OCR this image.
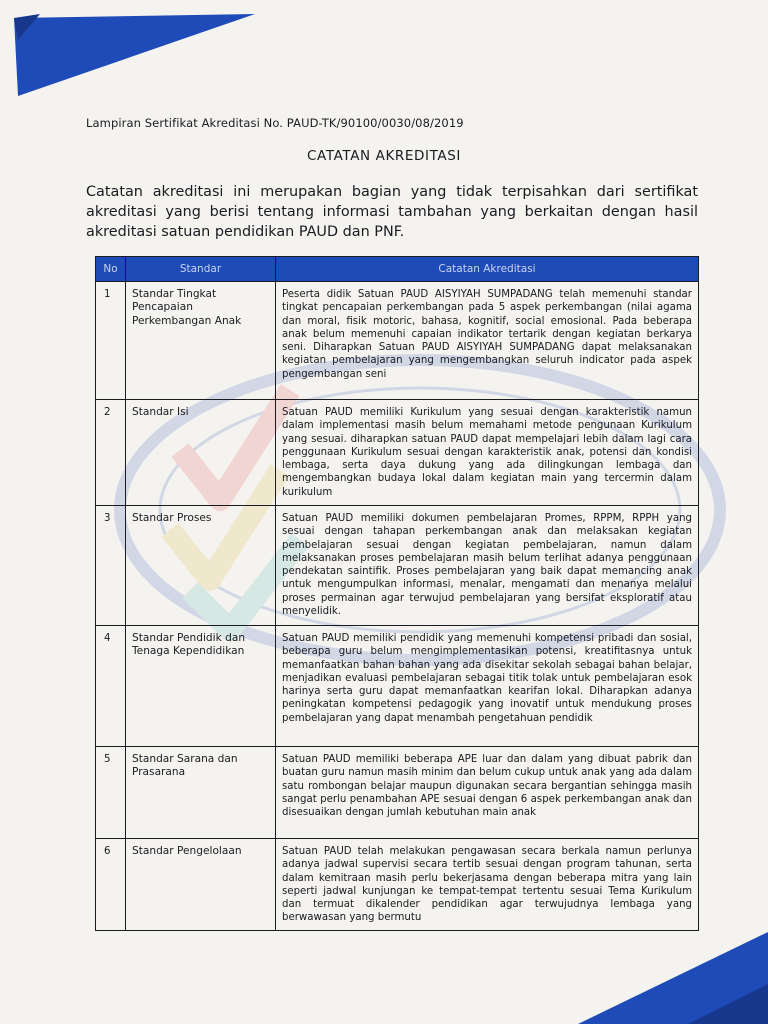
Lampiran Sertifikat Akreditasi No. PAUD-TK/90100/0030/08/2019

CATATAN AKREDITASI

Catatan akreditasi ini merupakan bagian yang tidak terpisahkan dari sertifikat akreditasi yang berisi tentang informasi tambahan yang berkaitan dengan hasil akreditasi satuan pendidikan PAUD dan PNF.

No	Standar	Catatan Akreditasi
1	Standar Tingkat Pencapaian Perkembangan Anak	Peserta didik Satuan PAUD AISYIYAH SUMPADANG telah memenuhi standar tingkat pencapaian perkembangan pada 5 aspek perkembangan (nilai agama dan moral, fisik motoric, bahasa, kognitif, social emosional. Pada beberapa anak belum memenuhi capaian indikator tertarik dengan kegiatan berkarya seni. Diharapkan Satuan PAUD AISYIYAH SUMPADANG dapat melaksanakan kegiatan pembelajaran yang mengembangkan seluruh indicator pada aspek pengembangan seni
2	Standar Isi	Satuan PAUD memiliki Kurikulum yang sesuai dengan karakteristik namun dalam implementasi masih belum memahami metode pengunaan Kurikulum yang sesuai. diharapkan satuan PAUD dapat mempelajari lebih dalam lagi cara penggunaan Kurikulum sesuai dengan karakteristik anak, potensi dan kondisi lembaga, serta daya dukung yang ada dilingkungan lembaga dan mengembangkan budaya lokal dalam kegiatan main yang tercermin dalam kurikulum
3	Standar Proses	Satuan PAUD memiliki dokumen pembelajaran Promes, RPPM, RPPH yang sesuai dengan tahapan perkembangan anak dan melaksakan kegiatan pembelajaran sesuai dengan kegiatan pembelajaran, namun dalam melaksanakan proses pembelajaran masih belum terlihat adanya penggunaan pendekatan saintifik. Proses pembelajaran yang baik dapat memancing anak untuk mengumpulkan informasi, menalar, mengamati dan menanya melalui proses permainan agar terwujud pembelajaran yang bersifat eksploratif atau menyelidik.
4	Standar Pendidik dan Tenaga Kependidikan	Satuan PAUD memiliki pendidik yang memenuhi kompetensi pribadi dan sosial, beberapa guru belum mengimplementasikan potensi, kreatifitasnya untuk memanfaatkan bahan bahan yang ada disekitar sekolah sebagai bahan belajar, menjadikan evaluasi pembelajaran sebagai titik tolak untuk pembelajaran esok harinya serta guru dapat memanfaatkan kearifan lokal. Diharapkan adanya peningkatan kompetensi pedagogik yang inovatif untuk mendukung proses pembelajaran yang dapat menambah pengetahuan pendidik
5	Standar Sarana dan Prasarana	Satuan PAUD memiliki beberapa APE luar dan dalam yang dibuat pabrik dan buatan guru namun masih minim dan belum cukup untuk anak yang ada dalam satu rombongan belajar maupun digunakan secara bergantian sehingga masih sangat perlu penambahan APE sesuai dengan 6 aspek perkembangan anak dan disesuaikan dengan jumlah kebutuhan main anak
6	Standar Pengelolaan	Satuan PAUD telah melakukan pengawasan secara berkala namun perlunya adanya jadwal supervisi secara tertib sesuai dengan program tahunan, serta dalam kemitraan masih perlu bekerjasama dengan beberapa mitra yang lain seperti jadwal kunjungan ke tempat-tempat tertentu sesuai Tema Kurikulum dan termuat dikalender pendidikan agar terwujudnya lembaga yang berwawasan yang bermutu
